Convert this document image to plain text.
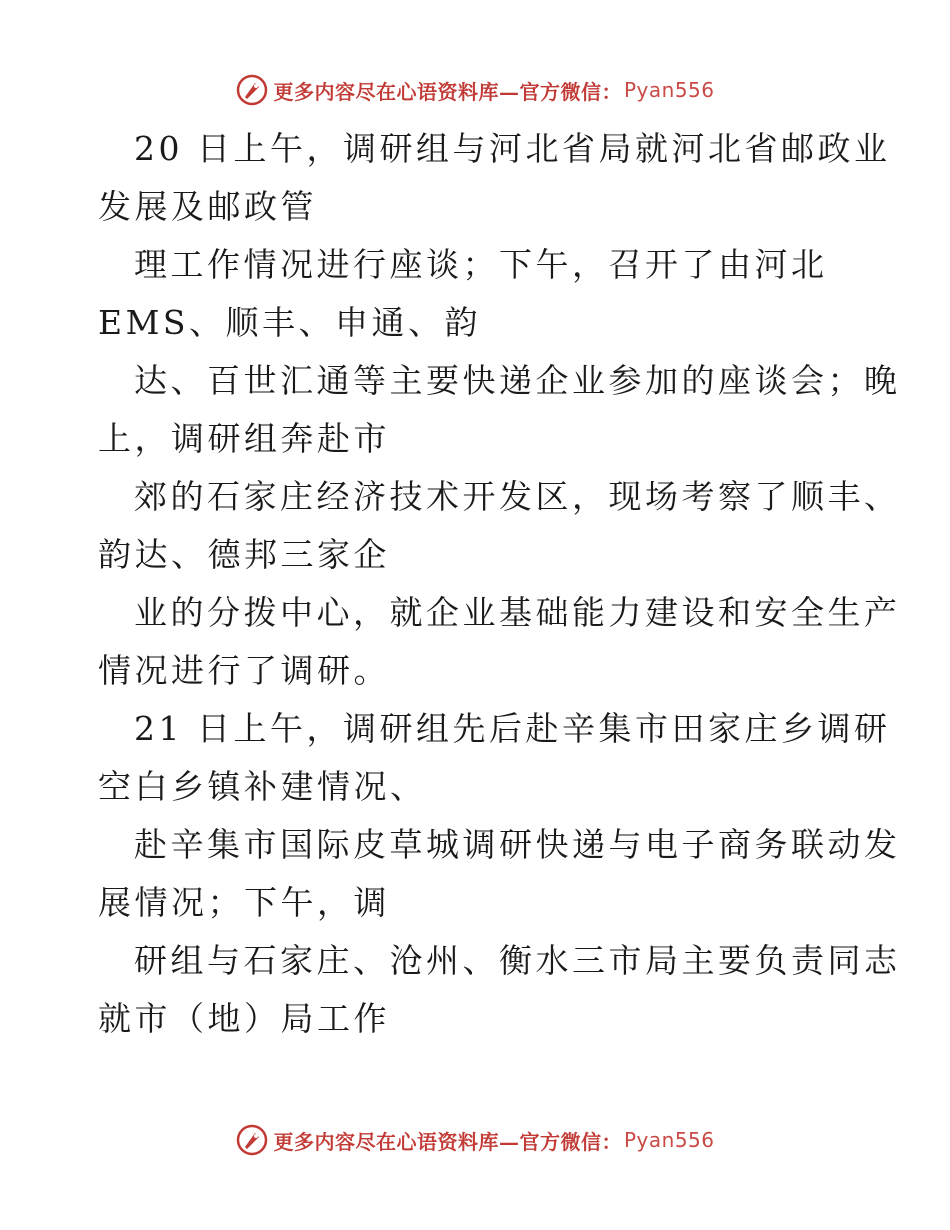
更多内容尽在心语资料库—官方微信： Pyan556

20 日上午，调研组与河北省局就河北省邮政业
发展及邮政管

理工作情况进行座谈；下午，召开了由河北
EMS、顺丰、申通、韵

达、百世汇通等主要快递企业参加的座谈会；晚
上，调研组奔赴市

郊的石家庄经济技术开发区，现场考察了顺丰、
韵达、德邦三家企

业的分拨中心，就企业基础能力建设和安全生产
情况进行了调研。

21 日上午，调研组先后赴辛集市田家庄乡调研
空白乡镇补建情况、

赴辛集市国际皮草城调研快递与电子商务联动发
展情况；下午，调

研组与石家庄、沧州、衡水三市局主要负责同志
就市（地）局工作

更多内容尽在心语资料库—官方微信： Pyan556
